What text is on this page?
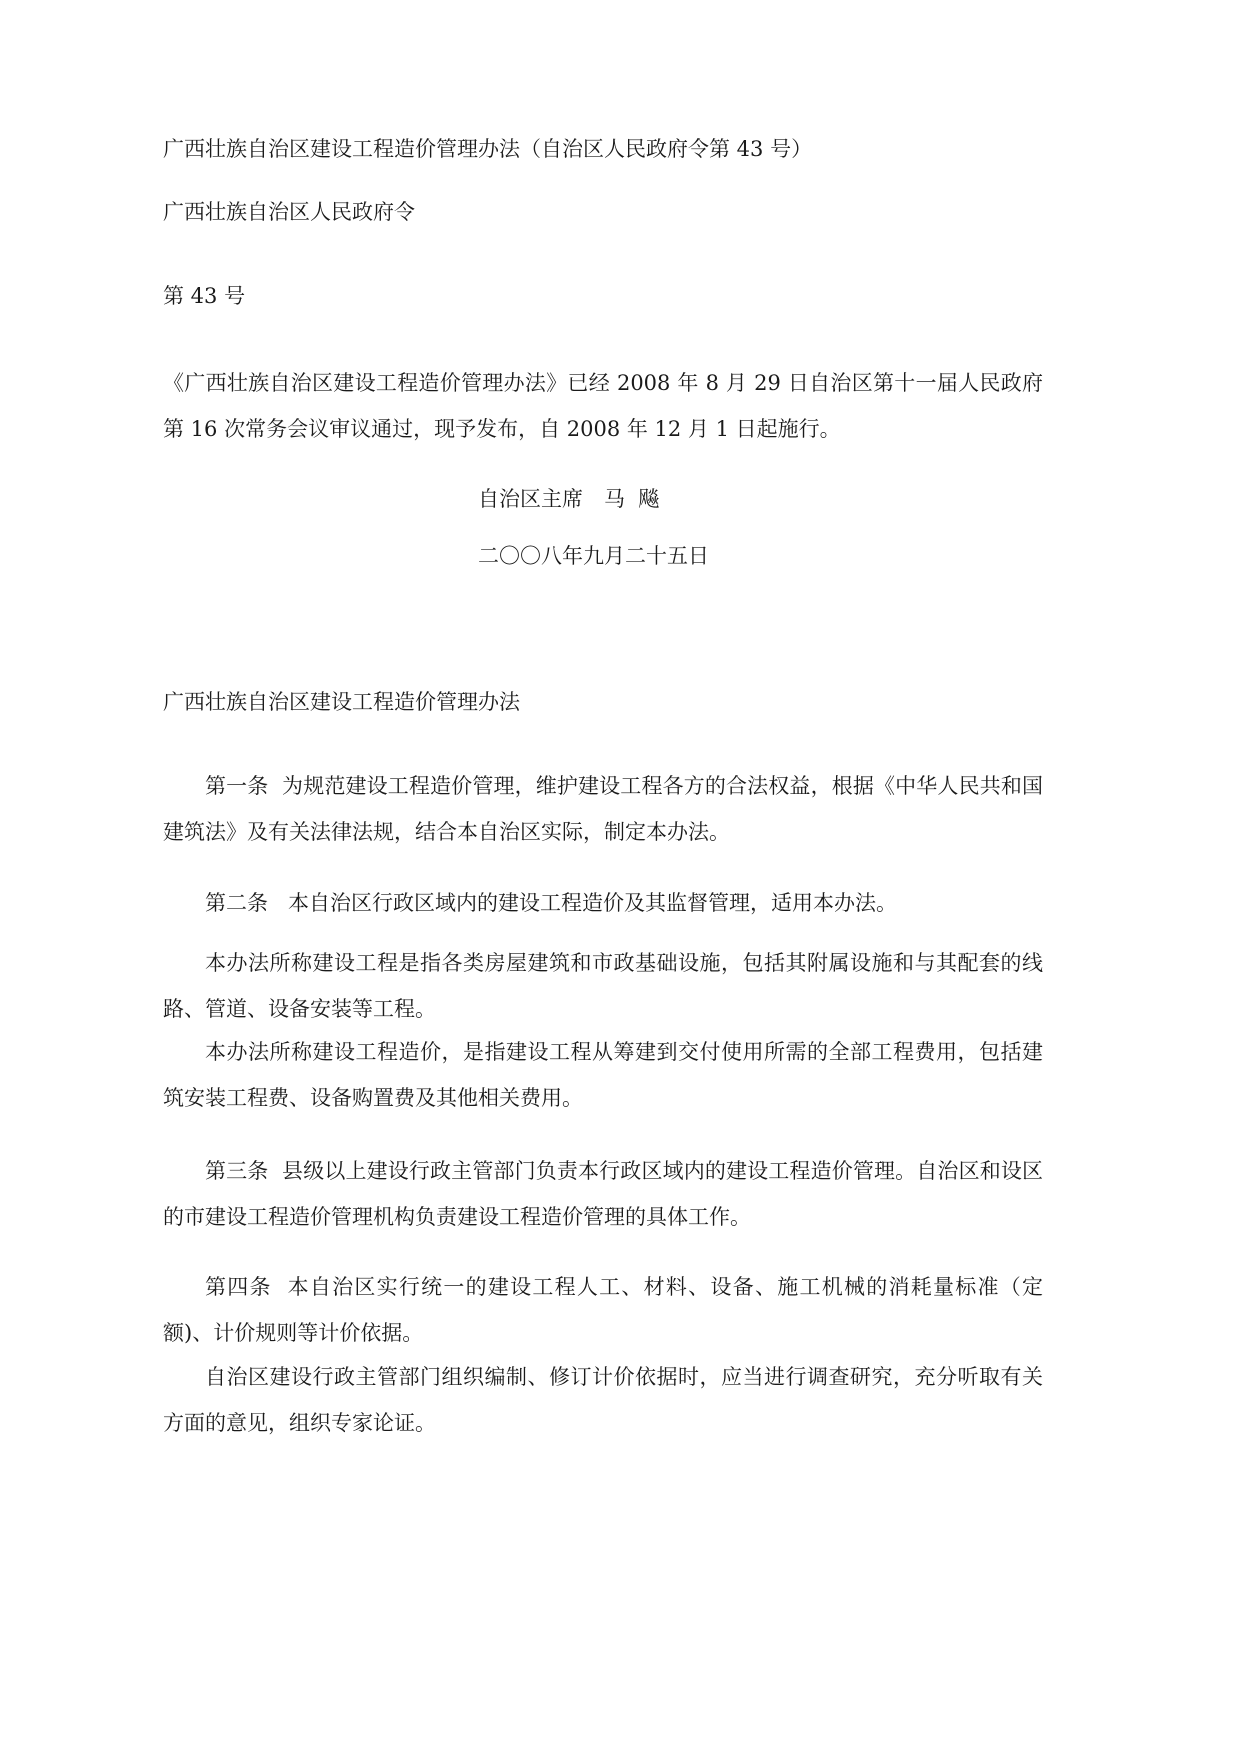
广西壮族自治区建设工程造价管理办法（自治区人民政府令第 43 号）

广西壮族自治区人民政府令

第 43 号

《广西壮族自治区建设工程造价管理办法》已经 2008 年 8 月 29 日自治区第十一届人民政府第 16 次常务会议审议通过，现予发布，自 2008 年 12 月 1 日起施行。

自治区主席　马  飚

二〇〇八年九月二十五日

广西壮族自治区建设工程造价管理办法

第一条  为规范建设工程造价管理，维护建设工程各方的合法权益，根据《中华人民共和国建筑法》及有关法律法规，结合本自治区实际，制定本办法。

第二条   本自治区行政区域内的建设工程造价及其监督管理，适用本办法。

本办法所称建设工程是指各类房屋建筑和市政基础设施，包括其附属设施和与其配套的线路、管道、设备安装等工程。

本办法所称建设工程造价，是指建设工程从筹建到交付使用所需的全部工程费用，包括建筑安装工程费、设备购置费及其他相关费用。

第三条  县级以上建设行政主管部门负责本行政区域内的建设工程造价管理。自治区和设区的市建设工程造价管理机构负责建设工程造价管理的具体工作。

第四条  本自治区实行统一的建设工程人工、材料、设备、施工机械的消耗量标准（定额)、计价规则等计价依据。

自治区建设行政主管部门组织编制、修订计价依据时，应当进行调查研究，充分听取有关方面的意见，组织专家论证。
